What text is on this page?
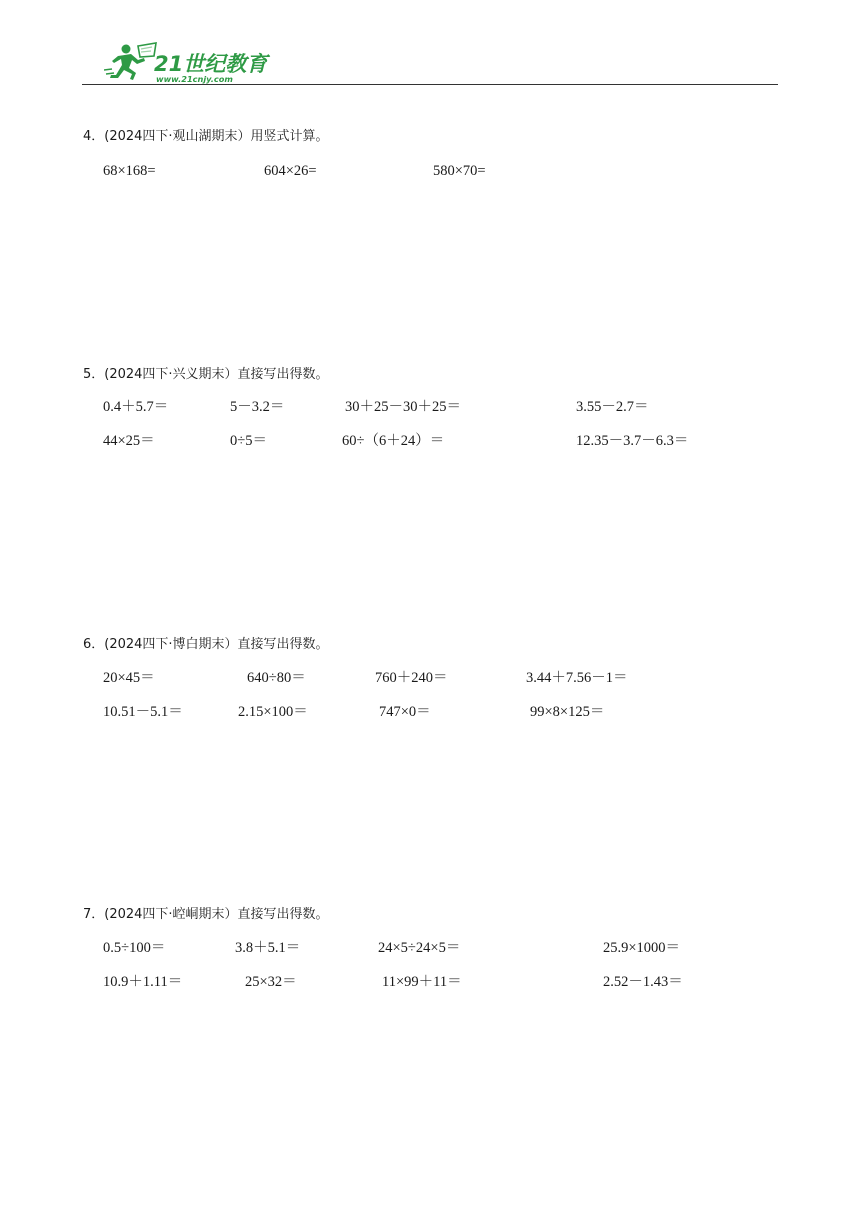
21世纪教育
www.21cnjy.com
4．(2024四下·观山湖期末）用竖式计算。
68×168=	604×26=	580×70=
5．(2024四下·兴义期末）直接写出得数。
0.4＋5.7＝	5－3.2＝	30＋25－30＋25＝	3.55－2.7＝
44×25＝	0÷5＝	60÷（6＋24）＝	12.35－3.7－6.3＝
6．(2024四下·博白期末）直接写出得数。
20×45＝	640÷80＝	760＋240＝	3.44＋7.56－1＝
10.51－5.1＝	2.15×100＝	747×0＝	99×8×125＝
7．(2024四下·崆峒期末）直接写出得数。
0.5÷100＝	3.8＋5.1＝	24×5÷24×5＝	25.9×1000＝
10.9＋1.11＝	25×32＝	11×99＋11＝	2.52－1.43＝
